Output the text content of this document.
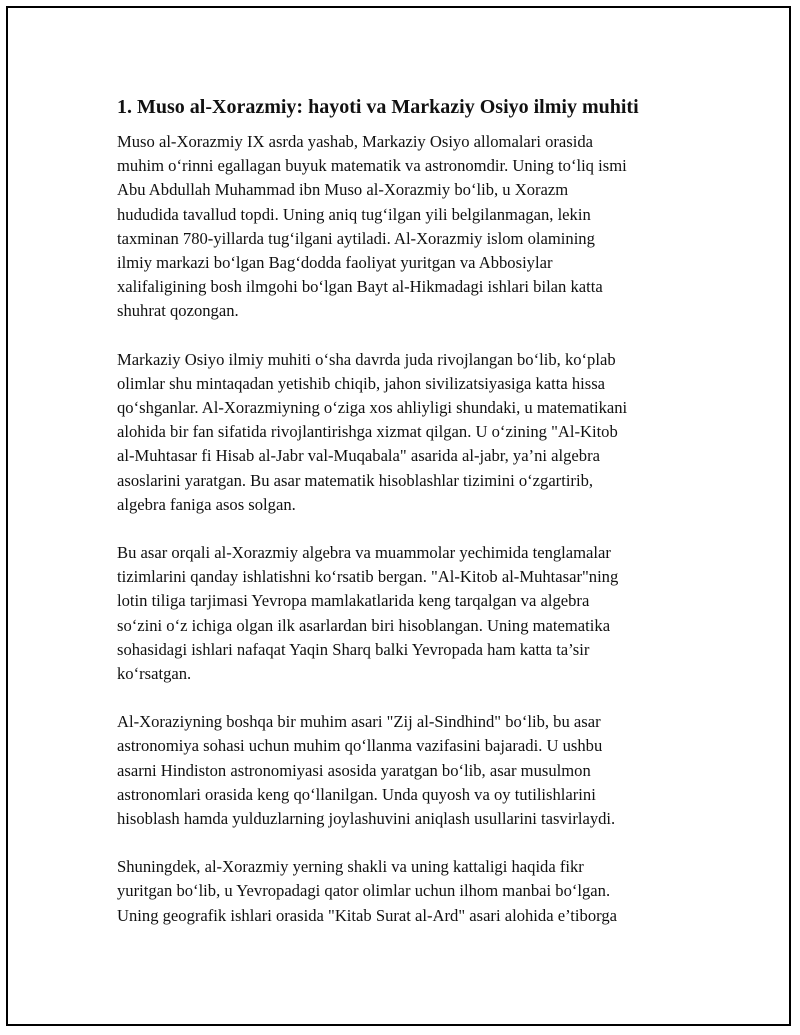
1. Muso al-Xorazmiy: hayoti va Markaziy Osiyo ilmiy muhiti

Muso al-Xorazmiy IX asrda yashab, Markaziy Osiyo allomalari orasida
muhim o‘rinni egallagan buyuk matematik va astronomdir. Uning to‘liq ismi
Abu Abdullah Muhammad ibn Muso al-Xorazmiy bo‘lib, u Xorazm
hududida tavallud topdi. Uning aniq tug‘ilgan yili belgilanmagan, lekin
taxminan 780-yillarda tug‘ilgani aytiladi. Al-Xorazmiy islom olamining
ilmiy markazi bo‘lgan Bag‘dodda faoliyat yuritgan va Abbosiylar
xalifaligining bosh ilmgohi bo‘lgan Bayt al-Hikmadagi ishlari bilan katta
shuhrat qozongan.

Markaziy Osiyo ilmiy muhiti o‘sha davrda juda rivojlangan bo‘lib, ko‘plab
olimlar shu mintaqadan yetishib chiqib, jahon sivilizatsiyasiga katta hissa
qo‘shganlar. Al-Xorazmiyning o‘ziga xos ahliyligi shundaki, u matematikani
alohida bir fan sifatida rivojlantirishga xizmat qilgan. U o‘zining "Al-Kitob
al-Muhtasar fi Hisab al-Jabr val-Muqabala" asarida al-jabr, ya’ni algebra
asoslarini yaratgan. Bu asar matematik hisoblashlar tizimini o‘zgartirib,
algebra faniga asos solgan.

Bu asar orqali al-Xorazmiy algebra va muammolar yechimida tenglamalar
tizimlarini qanday ishlatishni ko‘rsatib bergan. "Al-Kitob al-Muhtasar"ning
lotin tiliga tarjimasi Yevropa mamlakatlarida keng tarqalgan va algebra
so‘zini o‘z ichiga olgan ilk asarlardan biri hisoblangan. Uning matematika
sohasidagi ishlari nafaqat Yaqin Sharq balki Yevropada ham katta ta’sir
ko‘rsatgan.

Al-Xoraziyning boshqa bir muhim asari "Zij al-Sindhind" bo‘lib, bu asar
astronomiya sohasi uchun muhim qo‘llanma vazifasini bajaradi. U ushbu
asarni Hindiston astronomiyasi asosida yaratgan bo‘lib, asar musulmon
astronomlari orasida keng qo‘llanilgan. Unda quyosh va oy tutilishlarini
hisoblash hamda yulduzlarning joylashuvini aniqlash usullarini tasvirlaydi.

Shuningdek, al-Xorazmiy yerning shakli va uning kattaligi haqida fikr
yuritgan bo‘lib, u Yevropadagi qator olimlar uchun ilhom manbai bo‘lgan.
Uning geografik ishlari orasida "Kitab Surat al-Ard" asari alohida e’tiborga
